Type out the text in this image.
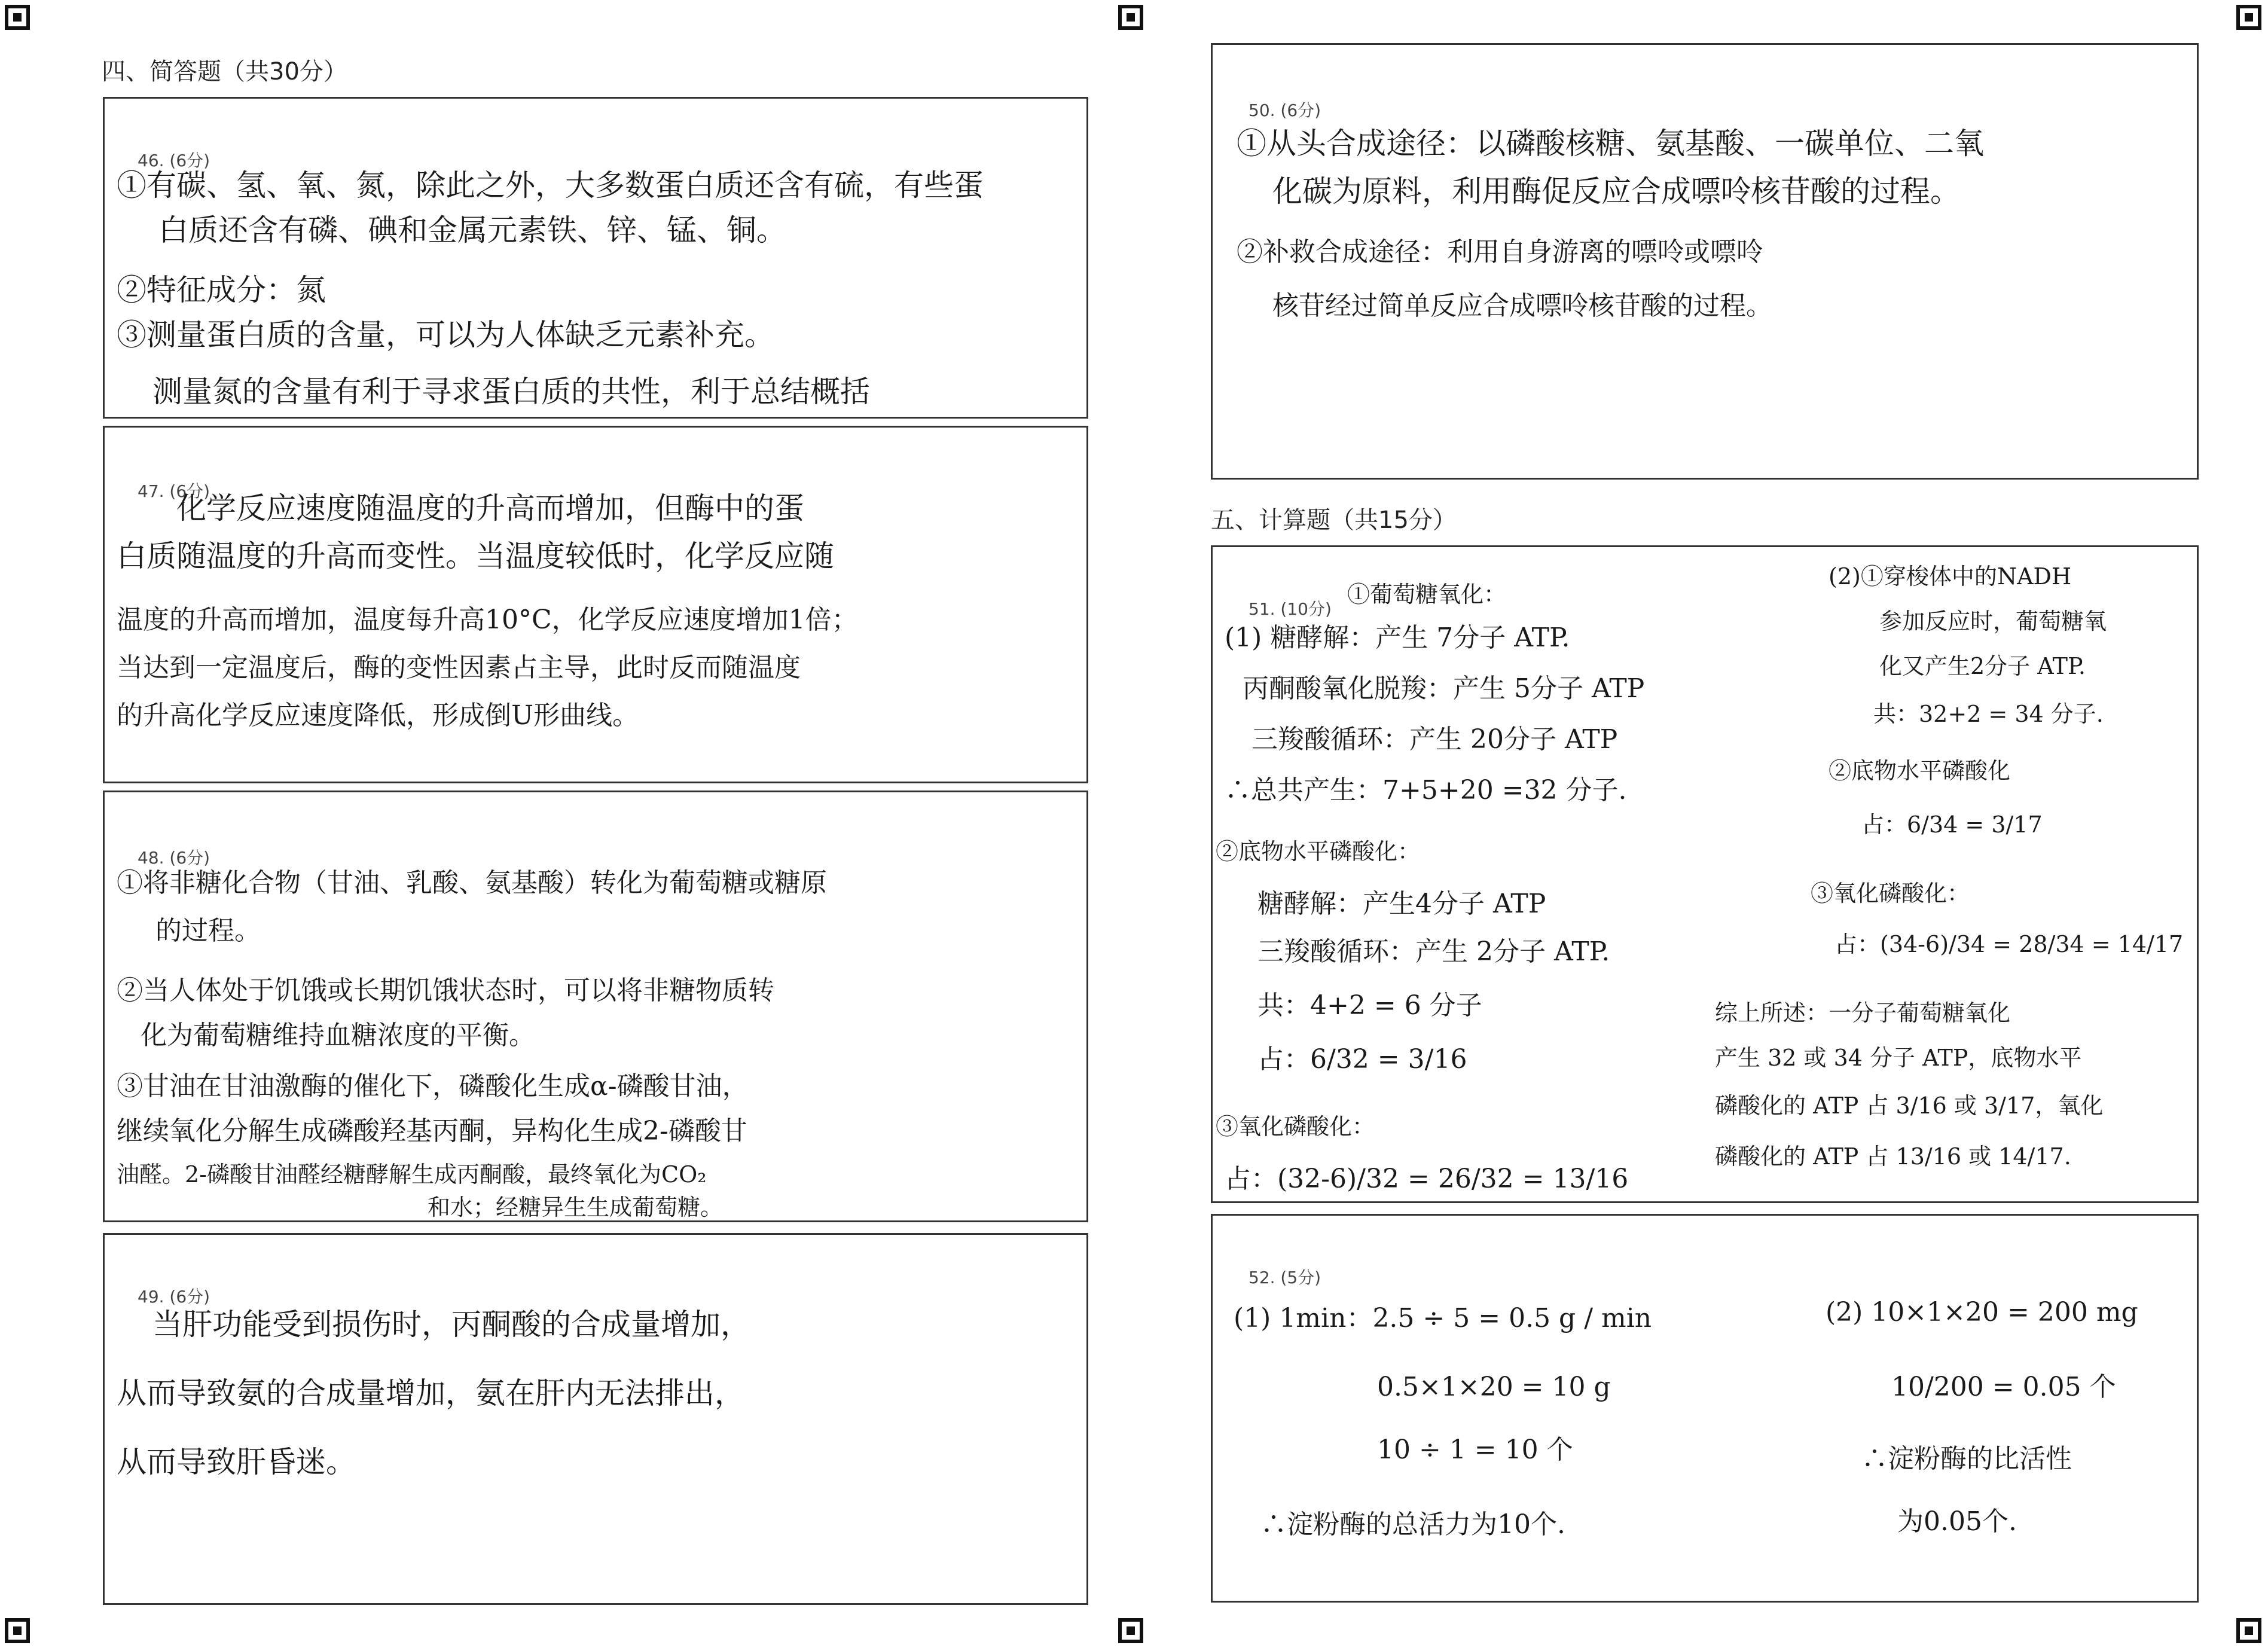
四、简答题（共30分）
46. (6分)
①有碳、氢、氧、氮，除此之外，大多数蛋白质还含有硫，有些蛋
白质还含有磷、碘和金属元素铁、锌、锰、铜。
②特征成分：氮
③测量蛋白质的含量，可以为人体缺乏元素补充。
测量氮的含量有利于寻求蛋白质的共性，利于总结概括
47. (6分)
化学反应速度随温度的升高而增加，但酶中的蛋
白质随温度的升高而变性。当温度较低时，化学反应随
温度的升高而增加，温度每升高10°C，化学反应速度增加1倍；
当达到一定温度后，酶的变性因素占主导，此时反而随温度
的升高化学反应速度降低，形成倒U形曲线。
48. (6分)
①将非糖化合物（甘油、乳酸、氨基酸）转化为葡萄糖或糖原
的过程。
②当人体处于饥饿或长期饥饿状态时，可以将非糖物质转
化为葡萄糖维持血糖浓度的平衡。
③甘油在甘油激酶的催化下，磷酸化生成α-磷酸甘油，
继续氧化分解生成磷酸羟基丙酮，异构化生成2-磷酸甘
油醛。2-磷酸甘油醛经糖酵解生成丙酮酸，最终氧化为CO₂
和水；经糖异生生成葡萄糖。
49. (6分)
当肝功能受到损伤时，丙酮酸的合成量增加，
从而导致氨的合成量增加，氨在肝内无法排出，
从而导致肝昏迷。
50. (6分)
①从头合成途径：以磷酸核糖、氨基酸、一碳单位、二氧
化碳为原料，利用酶促反应合成嘌呤核苷酸的过程。
②补救合成途径：利用自身游离的嘌呤或嘌呤
核苷经过简单反应合成嘌呤核苷酸的过程。
五、计算题（共15分）
51. (10分)
①葡萄糖氧化：
(1) 糖酵解：产生 7分子 ATP.
丙酮酸氧化脱羧：产生 5分子 ATP
三羧酸循环：产生 20分子 ATP
∴总共产生：7+5+20 =32 分子.
②底物水平磷酸化：
糖酵解：产生4分子 ATP
三羧酸循环：产生 2分子 ATP.
共：4+2 = 6 分子
占：6/32 = 3/16
③氧化磷酸化：
占：(32-6)/32 = 26/32 = 13/16
(2)①穿梭体中的NADH
参加反应时，葡萄糖氧
化又产生2分子 ATP.
共：32+2 = 34 分子.
②底物水平磷酸化
占：6/34 = 3/17
③氧化磷酸化：
占：(34-6)/34 = 28/34 = 14/17
综上所述：一分子葡萄糖氧化
产生 32 或 34 分子 ATP，底物水平
磷酸化的 ATP 占 3/16 或 3/17，氧化
磷酸化的 ATP 占 13/16 或 14/17.
52. (5分)
(1) 1min：2.5 ÷ 5 = 0.5 g / min
0.5×1×20 = 10 g
10 ÷ 1 = 10 个
∴淀粉酶的总活力为10个.
(2) 10×1×20 = 200 mg
10/200 = 0.05 个
∴淀粉酶的比活性
为0.05个.
